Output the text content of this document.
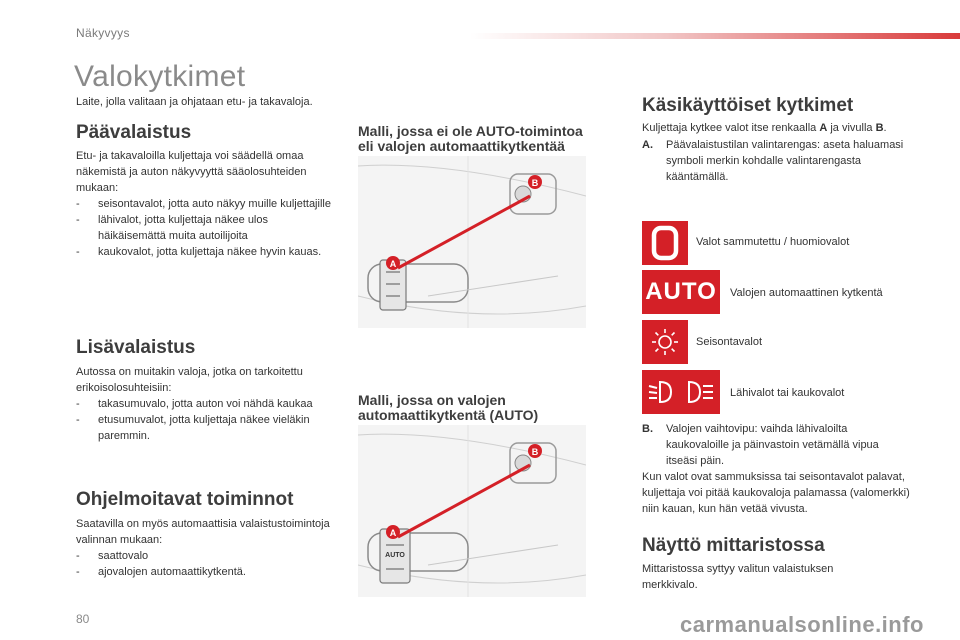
Näkyvyys
Valokytkimet
Laite, jolla valitaan ja ohjataan etu- ja takavaloja.
Päävalaistus

Etu- ja takavaloilla kuljettaja voi säädellä omaa näkemistä ja auton näkyvyyttä sääolosuhteiden mukaan:

- seisontavalot, jotta auto näkyy muille kuljettajille
- lähivalot, jotta kuljettaja näkee ulos häikäisemättä muita autoilijoita
- kaukovalot, jotta kuljettaja näkee hyvin kauas.
Lisävalaistus

Autossa on muitakin valoja, jotka on tarkoitettu erikoisolosuhteisiin:

- takasumuvalo, jotta auton voi nähdä kaukaa
- etusumuvalot, jotta kuljettaja näkee vieläkin paremmin.
Ohjelmoitavat toiminnot

Saatavilla on myös automaattisia valaistustoimintoja valinnan mukaan:

- saattovalo
- ajovalojen automaattikytkentä.
Malli, jossa ei ole AUTO-toimintoa
eli valojen automaattikytkentää
A
B
Malli, jossa on valojen
automaattikytkentä (AUTO)
AUTO
A
B
Käsikäyttöiset kytkimet
Kuljettaja kytkee valot itse renkaalla A ja vivulla B.
A.	Päävalaistustilan valintarengas: aseta haluamasi symboli merkin kohdalle valintarengasta kääntämällä.
Valot sammutettu / huomiovalot
AUTO Valojen automaattinen kytkentä
Seisontavalot
Lähivalot tai kaukovalot
B.	Valojen vaihtovipu: vaihda lähivaloilta kaukovaloille ja päinvastoin vetämällä vipua itseäsi päin.

Kun valot ovat sammuksissa tai seisontavalot palavat, kuljettaja voi pitää kaukovaloja palamassa (valomerkki) niin kauan, kun hän vetää vivusta.

Näyttö mittaristossa

Mittaristossa syttyy valitun valaistuksen merkkivalo.

80	carmanualsonline.info
